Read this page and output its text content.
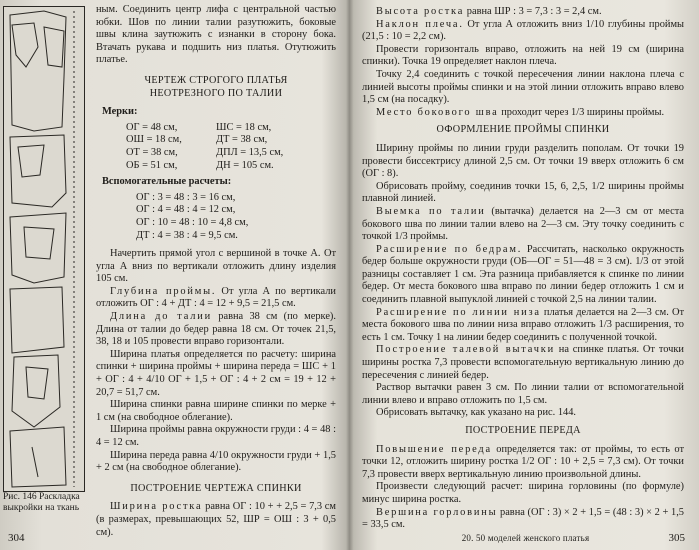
Рис. 146 Раскладка выкройки на ткань

ным. Соединить центр лифа с центральной частью юбки. Шов по линии талии разутюжить, боковые швы клина заутюжить с изнанки в сторону бока. Втачать рукава и подшить низ платья. Отутюжить платье.

ЧЕРТЕЖ СТРОГОГО ПЛАТЬЯ
НЕОТРЕЗНОГО ПО ТАЛИИ
Мерки:
ОГ = 48 см,	ШС = 18 см,
ОШ = 18 см,	ДТ = 38 см,
ОТ = 38 см,	ДПЛ = 13,5 см,
ОБ = 51 см,	ДН = 105 см.
Вспомогательные расчеты:
ОГ : 3 = 48 : 3 = 16 см,
ОГ : 4 = 48 : 4 = 12 см,
ОГ : 10 = 48 : 10 = 4,8 см,
ДТ : 4 = 38 : 4 = 9,5 см.

Начертить прямой угол с вершиной в точке А. От угла А вниз по вертикали отложить длину изделия 105 см.

Глубина проймы. От угла А по вертикали отложить ОГ : 4 + ДТ : 4 = 12 + 9,5 = 21,5 см.

Длина до талии равна 38 см (по мерке). Длина от талии до бедер равна 18 см. От точек 21,5, 38, 18 и 105 провести вправо горизонтали.

Ширина платья определяется по расчету: ширина спинки + ширина проймы + ширина переда = ШС + 1 + ОГ : 4 + 4/10 ОГ + 1,5 + ОГ : 4 + 2 см = 19 + 12 + 20,7 = 51,7 см.

Ширина спинки равна ширине спинки по мерке + 1 см (на свободное облегание).

Ширина проймы равна окружности груди : 4 = 48 : 4 = 12 см.

Ширина переда равна 4/10 окружности груди + 1,5 + 2 см (на свободное облегание).

ПОСТРОЕНИЕ ЧЕРТЕЖА СПИНКИ

Ширина ростка равна ОГ : 10 + + 2,5 = 7,3 см (в размерах, превышающих 52, ШР = ОШ : 3 + 0,5 см).

304

Высота ростка равна ШР : 3 = 7,3 : 3 = 2,4 см.

Наклон плеча. От угла А отложить вниз 1/10 глубины проймы (21,5 : 10 = 2,2 см).

Провести горизонталь вправо, отложить на ней 19 см (ширина спинки). Точка 19 определяет наклон плеча.

Точку 2,4 соединить с точкой пересечения линии наклона плеча с линией высоты проймы спинки и на этой линии отложить вправо влево 1,5 см (на посадку).

Место бокового шва проходит через 1/3 ширины проймы.

ОФОРМЛЕНИЕ ПРОЙМЫ СПИНКИ

Ширину проймы по линии груди разделить пополам. От точки 19 провести биссектрису длиной 2,5 см. От точки 19 вверх отложить 6 см (ОГ : 8).

Обрисовать пройму, соединив точки 15, 6, 2,5, 1/2 ширины проймы плавной линией.

Выемка по талии (вытачка) делается на 2—3 см от места бокового шва по линии талии влево на 2—3 см. Эту точку соединить с точкой 1/3 проймы.

Расширение по бедрам. Рассчитать, насколько окружность бедер больше окружности груди (ОБ—ОГ = 51—48 = 3 см). 1/3 от этой разницы составляет 1 см. Эта разница прибавляется к спинке по линии бедер. От места бокового шва вправо по линии бедер отложить 1 см и соединить плавной выпуклой линией с точкой 2,5 на линии талии.

Расширение по линии низа платья делается на 2—3 см. От места бокового шва по линии низа вправо отложить 1/3 расширения, то есть 1 см. Точку 1 на линии бедер соединить с полученной точкой.

Построение талевой вытачки на спинке платья. От точки ширины ростка 7,3 провести вспомогательную вертикальную линию до пересечения с линией бедер.

Раствор вытачки равен 3 см. По линии талии от вспомогательной линии влево и вправо отложить по 1,5 см.

Обрисовать вытачку, как указано на рис. 144.

ПОСТРОЕНИЕ ПЕРЕДА

Повышение переда определяется так: от проймы, то есть от точки 12, отложить ширину ростка 1/2 ОГ : 10 + 2,5 = 7,3 см). От точки 7,3 провести вверх вертикальную линию произвольной длины.

Произвести следующий расчет: ширина горловины (по формуле) минус ширина ростка.

Вершина горловины равна (ОГ : 3) × 2 + 1,5 = (48 : 3) × 2 + 1,5 = 33,5 см.

20. 50 моделей женского платья	305
